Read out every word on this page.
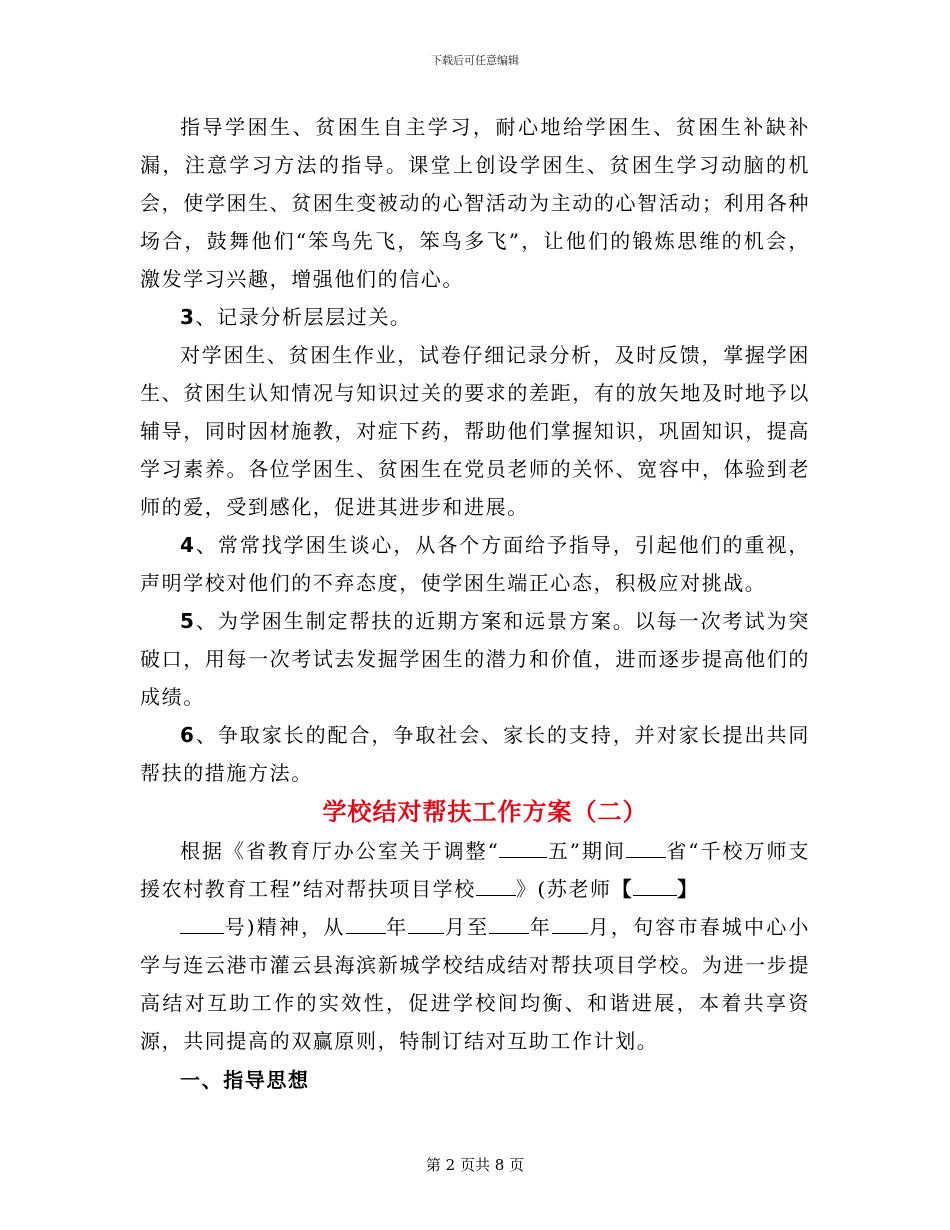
下载后可任意编辑

指导学困生、贫困生自主学习，耐心地给学困生、贫困生补缺补漏，注意学习方法的指导。课堂上创设学困生、贫困生学习动脑的机会，使学困生、贫困生变被动的心智活动为主动的心智活动；利用各种场合，鼓舞他们“笨鸟先飞，笨鸟多飞”，让他们的锻炼思维的机会，激发学习兴趣，增强他们的信心。

3、记录分析层层过关。

对学困生、贫困生作业，试卷仔细记录分析，及时反馈，掌握学困生、贫困生认知情况与知识过关的要求的差距，有的放矢地及时地予以辅导，同时因材施教，对症下药，帮助他们掌握知识，巩固知识，提高学习素养。各位学困生、贫困生在党员老师的关怀、宽容中，体验到老师的爱，受到感化，促进其进步和进展。

4、常常找学困生谈心，从各个方面给予指导，引起他们的重视，声明学校对他们的不弃态度，使学困生端正心态，积极应对挑战。

5、为学困生制定帮扶的近期方案和远景方案。以每一次考试为突破口，用每一次考试去发掘学困生的潜力和价值，进而逐步提高他们的成绩。

6、争取家长的配合，争取社会、家长的支持，并对家长提出共同帮扶的措施方法。

学校结对帮扶工作方案（二）

根据《省教育厅办公室关于调整“ 五”期间 省“千校万师支援农村教育工程”结对帮扶项目学校 》(苏老师【 】

号)精神，从 年 月至 年 月，句容市春城中心小学与连云港市灌云县海滨新城学校结成结对帮扶项目学校。为进一步提高结对互助工作的实效性，促进学校间均衡、和谐进展，本着共享资源，共同提高的双赢原则，特制订结对互助工作计划。

一、指导思想

第 2 页共 8 页
